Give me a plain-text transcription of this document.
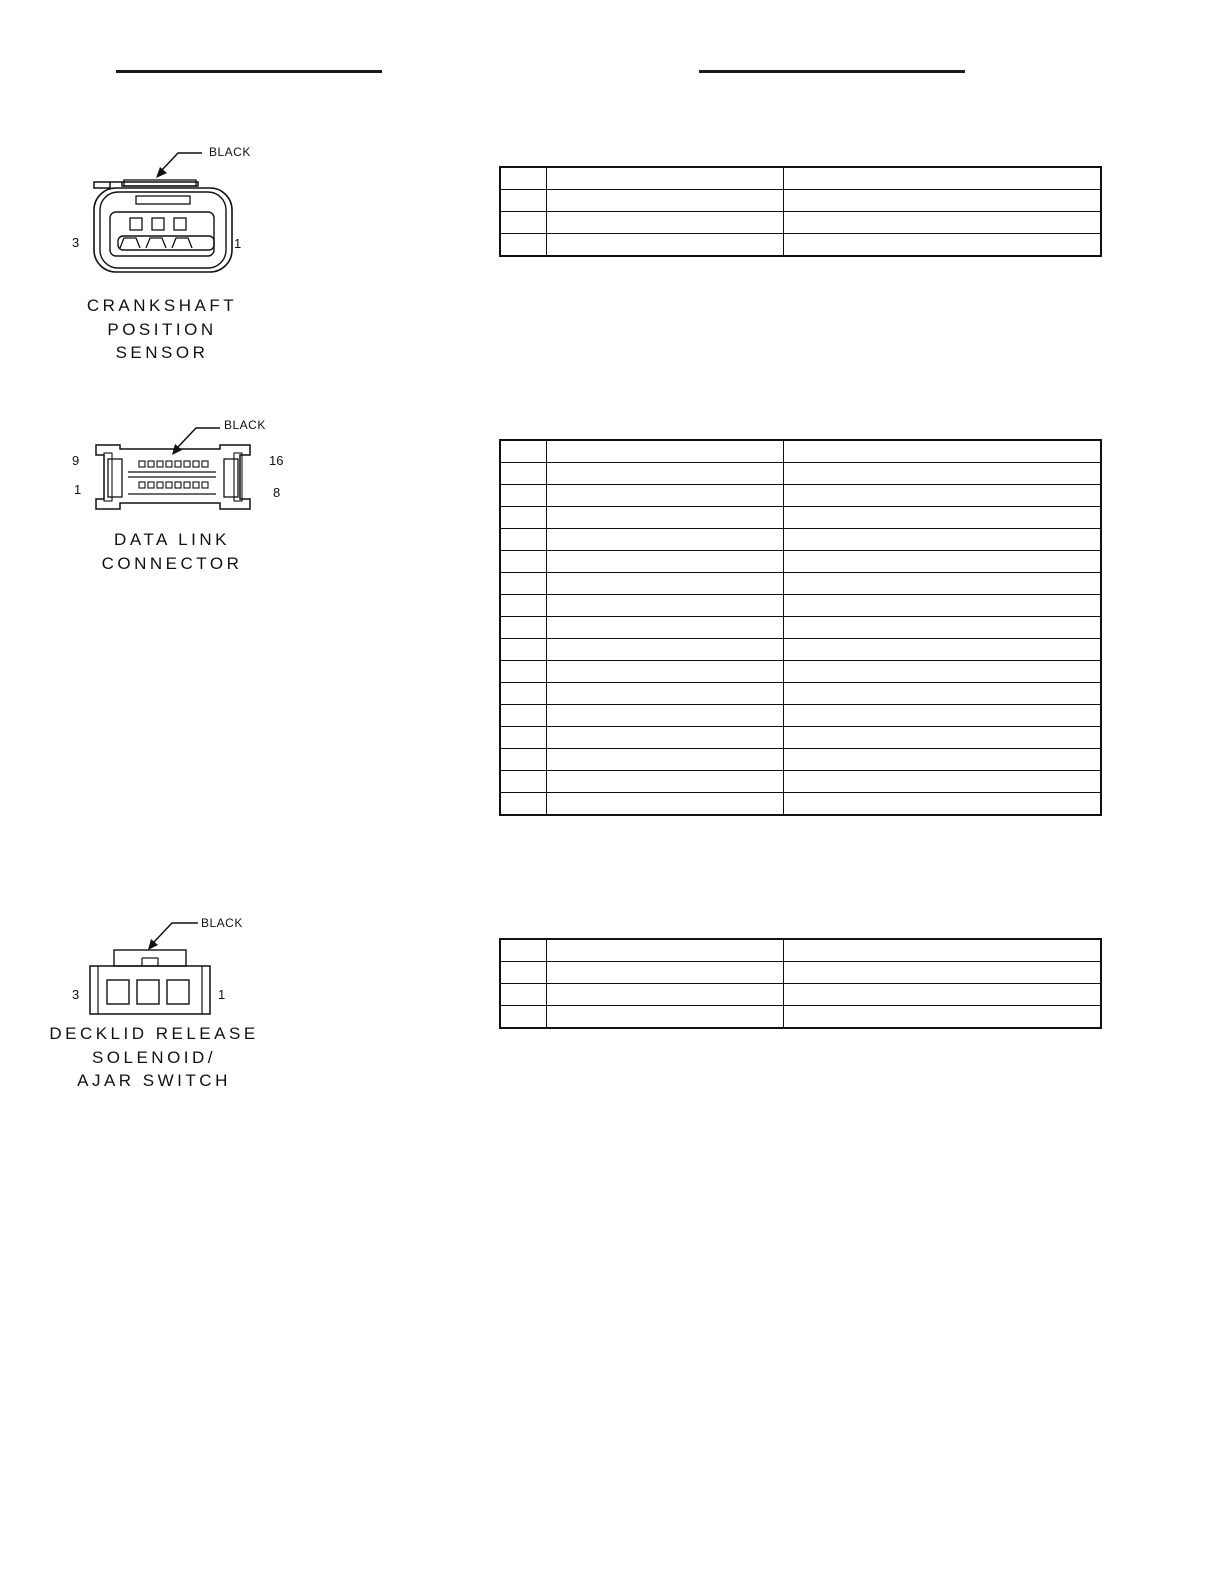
BLACK
3	1
CRANKSHAFT
POSITION
SENSOR

BLACK
9
1
16
8
DATA LINK
CONNECTOR

BLACK
3	1
DECKLID RELEASE
SOLENOID/
AJAR SWITCH
